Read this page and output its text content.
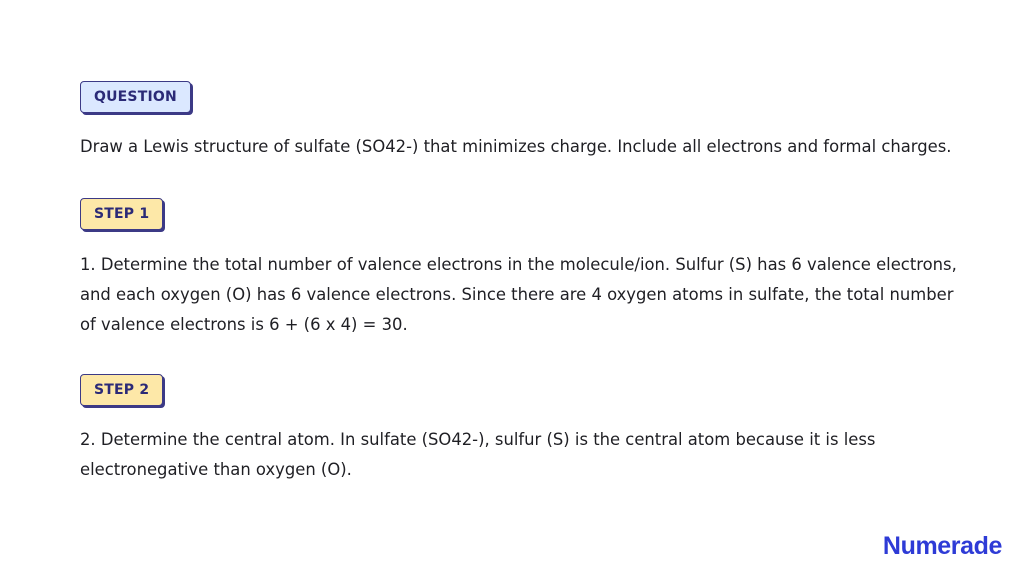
QUESTION

Draw a Lewis structure of sulfate (SO42-) that minimizes charge. Include all electrons and formal charges.

STEP 1

1. Determine the total number of valence electrons in the molecule/ion. Sulfur (S) has 6 valence electrons, and each oxygen (O) has 6 valence electrons. Since there are 4 oxygen atoms in sulfate, the total number of valence electrons is 6 + (6 x 4) = 30.

STEP 2

2. Determine the central atom. In sulfate (SO42-), sulfur (S) is the central atom because it is less electronegative than oxygen (O).

Numerade
